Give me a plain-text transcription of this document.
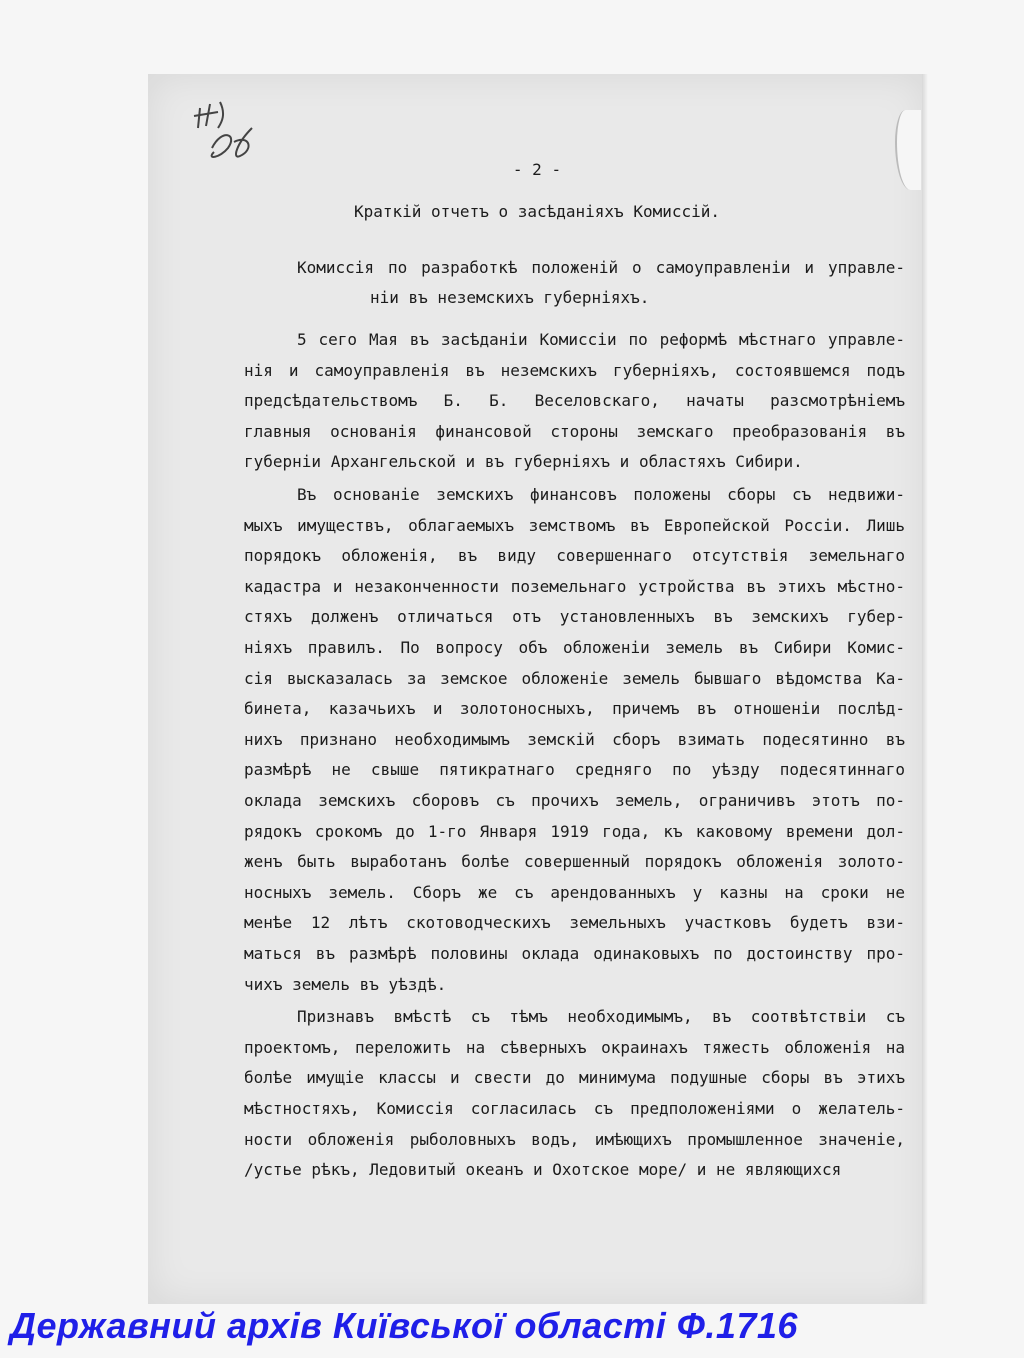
- 2 -
Краткій отчетъ о засѣданіяхъ Комиссій.
Комиссія по разработкѣ положеній о самоуправленіи и управле-
ніи въ неземскихъ губерніяхъ.
5 сего Мая въ засѣданіи Комиссіи по реформѣ мѣстнаго управле-
нія и самоуправленія въ неземскихъ губерніяхъ, состоявшемся подъ
предсѣдательствомъ Б. Б. Веселовскаго, начаты разсмотрѣніемъ
главныя основанія финансовой стороны земскаго преобразованія въ
губерніи Архангельской и въ губерніяхъ и областяхъ Сибири.
Въ основаніе земскихъ финансовъ положены сборы съ недвижи-
мыхъ имуществъ, облагаемыхъ земствомъ въ Европейской Россіи. Лишь
порядокъ обложенія, въ виду совершеннаго отсутствія земельнаго
кадастра и незаконченности поземельнаго устройства въ этихъ мѣстно-
стяхъ долженъ отличаться отъ установленныхъ въ земскихъ губер-
ніяхъ правилъ. По вопросу объ обложеніи земель въ Сибири Комис-
сія высказалась за земское обложеніе земель бывшаго вѣдомства Ка-
бинета, казачьихъ и золотоносныхъ, причемъ въ отношеніи послѣд-
нихъ признано необходимымъ земскій сборъ взимать подесятинно въ
размѣрѣ не свыше пятикратнаго средняго по уѣзду подесятиннаго
оклада земскихъ сборовъ съ прочихъ земель, ограничивъ этотъ по-
рядокъ срокомъ до 1-го Января 1919 года, къ каковому времени дол-
женъ быть выработанъ болѣе совершенный порядокъ обложенія золото-
носныхъ земель. Сборъ же съ арендованныхъ у казны на сроки не
менѣе 12 лѣтъ скотоводческихъ земельныхъ участковъ будетъ взи-
маться въ размѣрѣ половины оклада одинаковыхъ по достоинству про-
чихъ земель въ уѣздѣ.
Признавъ вмѣстѣ съ тѣмъ необходимымъ, въ соотвѣтствіи съ
проектомъ, переложить на сѣверныхъ окраинахъ тяжесть обложенія на
болѣе имущіе классы и свести до минимума подушные сборы въ этихъ
мѣстностяхъ, Комиссія согласилась съ предположеніями о желатель-
ности обложенія рыболовныхъ водъ, имѣющихъ промышленное значеніе,
/устье рѣкъ, Ледовитый океанъ и Охотское море/ и не являющихся
Державний архів Київської області Ф.1716
